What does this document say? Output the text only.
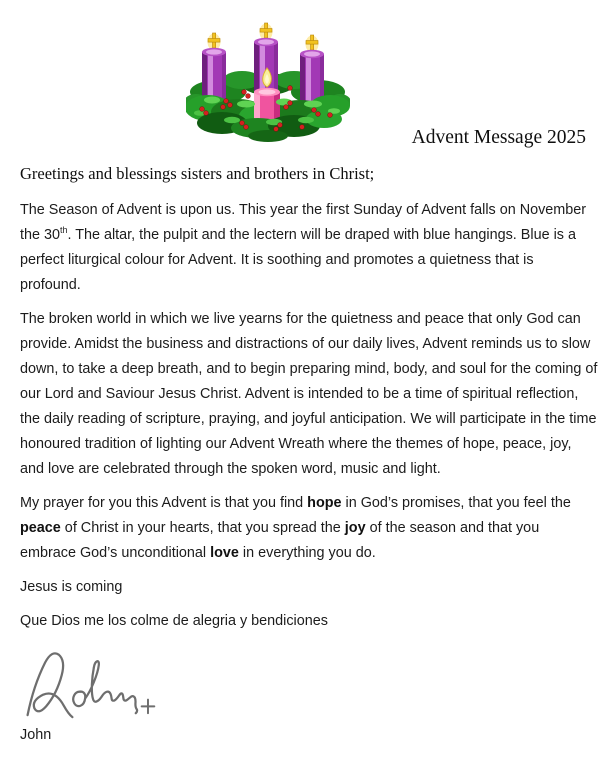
Advent Message 2025

Greetings and blessings sisters and brothers in Christ;

The Season of Advent is upon us. This year the first Sunday of Advent falls on November the 30th. The altar, the pulpit and the lectern will be draped with blue hangings. Blue is a perfect liturgical colour for Advent. It is soothing and promotes a quietness that is profound.

The broken world in which we live yearns for the quietness and peace that only God can provide. Amidst the business and distractions of our daily lives, Advent reminds us to slow down, to take a deep breath, and to begin preparing mind, body, and soul for the coming of our Lord and Saviour Jesus Christ. Advent is intended to be a time of spiritual reflection, the daily reading of scripture, praying, and joyful anticipation. We will participate in the time honoured tradition of lighting our Advent Wreath where the themes of hope, peace, joy, and love are celebrated through the spoken word, music and light.

My prayer for you this Advent is that you find hope in God’s promises, that you feel the peace of Christ in your hearts, that you spread the joy of the season and that you embrace God’s unconditional love in everything you do.

Jesus is coming

Que Dios me los colme de alegria y bendiciones

John
